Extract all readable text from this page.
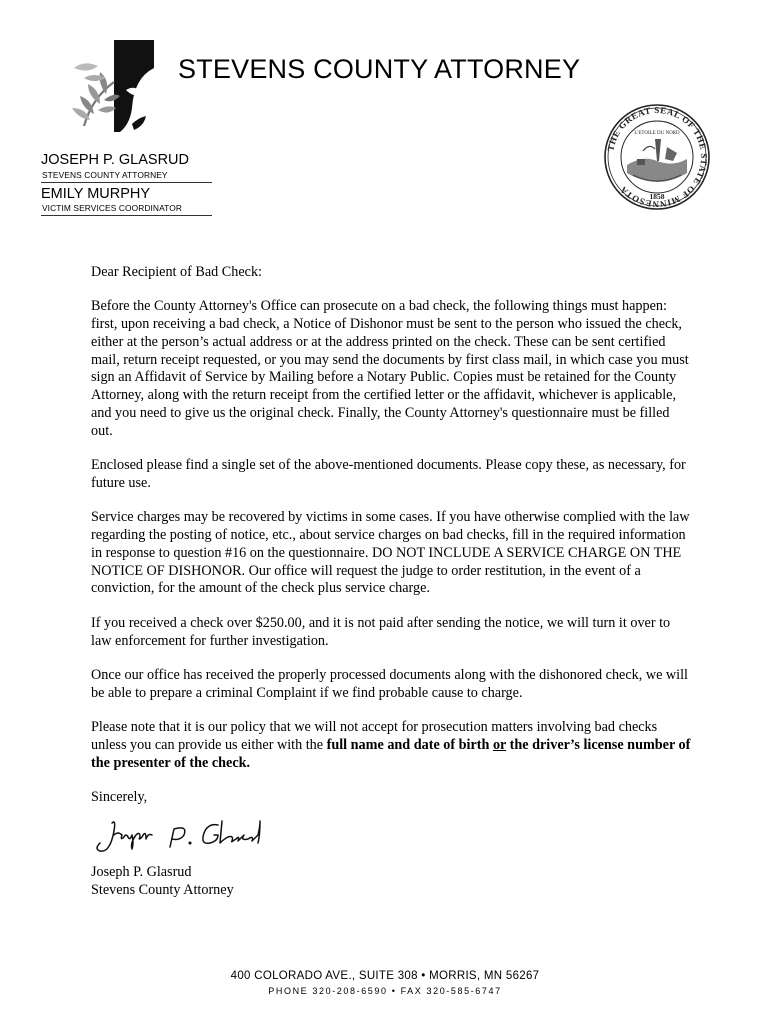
STEVENS COUNTY ATTORNEY
JOSEPH P. GLASRUD
STEVENS COUNTY ATTORNEY
EMILY MURPHY
VICTIM SERVICES COORDINATOR
THE GREAT SEAL OF THE STATE OF MINNESOTA
L'ETOILE DU NORD
1858

Dear Recipient of Bad Check:

Before the County Attorney's Office can prosecute on a bad check, the following things must happen: first, upon receiving a bad check, a Notice of Dishonor must be sent to the person who issued the check, either at the person’s actual address or at the address printed on the check. These can be sent certified mail, return receipt requested, or you may send the documents by first class mail, in which case you must sign an Affidavit of Service by Mailing before a Notary Public. Copies must be retained for the County Attorney, along with the return receipt from the certified letter or the affidavit, whichever is applicable, and you need to give us the original check. Finally, the County Attorney's questionnaire must be filled out.

Enclosed please find a single set of the above-mentioned documents. Please copy these, as necessary, for future use.

Service charges may be recovered by victims in some cases. If you have otherwise complied with the law regarding the posting of notice, etc., about service charges on bad checks, fill in the required information in response to question #16 on the questionnaire. DO NOT INCLUDE A SERVICE CHARGE ON THE NOTICE OF DISHONOR. Our office will request the judge to order restitution, in the event of a conviction, for the amount of the check plus service charge.

If you received a check over $250.00, and it is not paid after sending the notice, we will turn it over to law enforcement for further investigation.

Once our office has received the properly processed documents along with the dishonored check, we will be able to prepare a criminal Complaint if we find probable cause to charge.

Please note that it is our policy that we will not accept for prosecution matters involving bad checks unless you can provide us either with the full name and date of birth or the driver’s license number of the presenter of the check.

Sincerely,

Joseph P. Glasrud
Stevens County Attorney
400 COLORADO AVE., SUITE 308 • MORRIS, MN 56267
PHONE 320-208-6590 • FAX 320-585-6747
